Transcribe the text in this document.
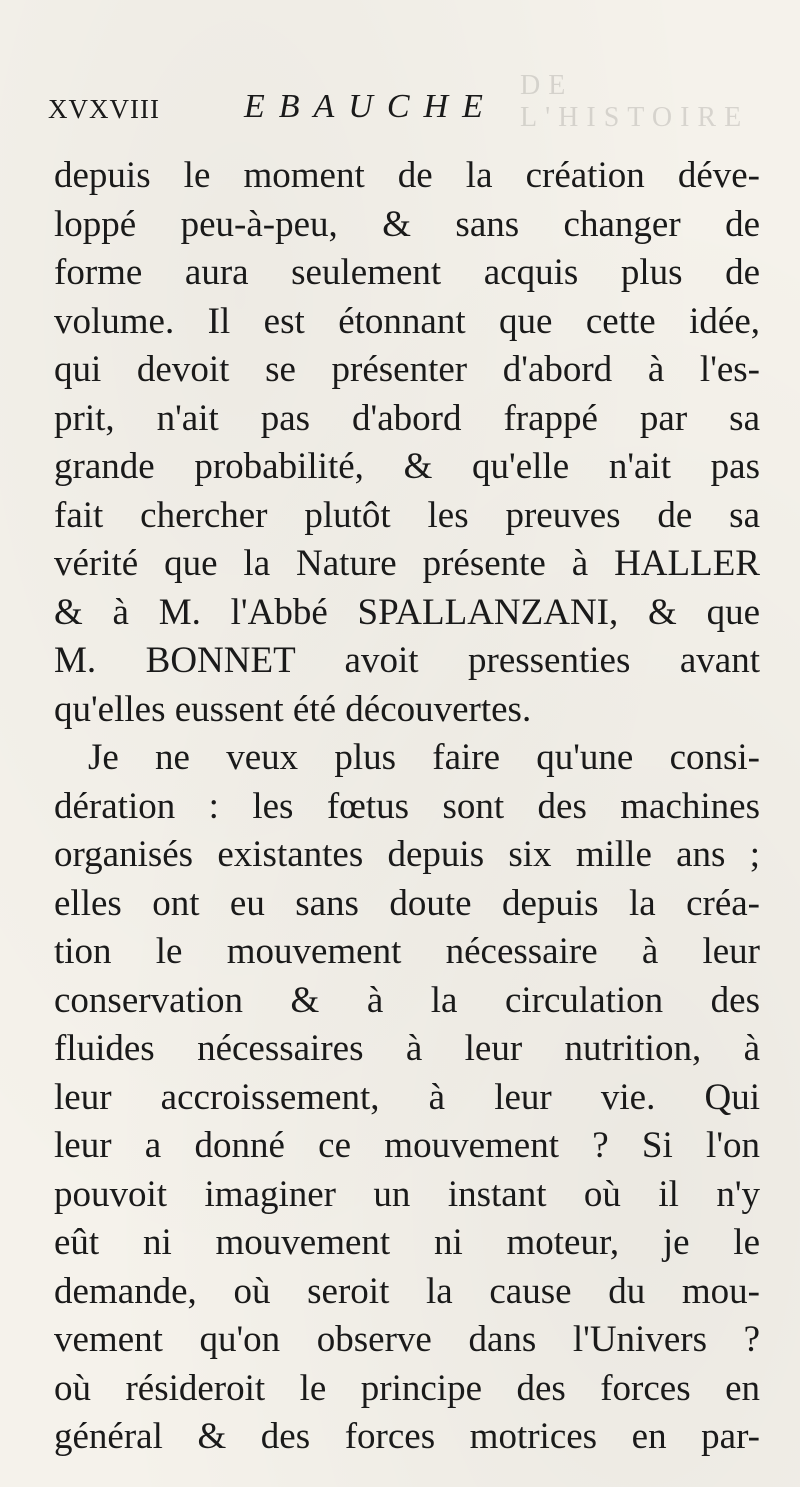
DE L'HISTOIRE
XVXVIII EBAUCHE
depuis le moment de la création déve-
loppé peu-à-peu, & sans changer de
forme aura seulement acquis plus de
volume. Il est étonnant que cette idée,
qui devoit se présenter d'abord à l'es-
prit, n'ait pas d'abord frappé par sa
grande probabilité, & qu'elle n'ait pas
fait chercher plutôt les preuves de sa
vérité que la Nature présente à HALLER
& à M. l'Abbé SPALLANZANI, & que
M. BONNET avoit pressenties avant
qu'elles eussent été découvertes.
Je ne veux plus faire qu'une consi-
dération : les fœtus sont des machines
organisés existantes depuis six mille ans ;
elles ont eu sans doute depuis la créa-
tion le mouvement nécessaire à leur
conservation & à la circulation des
fluides nécessaires à leur nutrition, à
leur accroissement, à leur vie. Qui
leur a donné ce mouvement ? Si l'on
pouvoit imaginer un instant où il n'y
eût ni mouvement ni moteur, je le
demande, où seroit la cause du mou-
vement qu'on observe dans l'Univers ?
où résideroit le principe des forces en
général & des forces motrices en par-
